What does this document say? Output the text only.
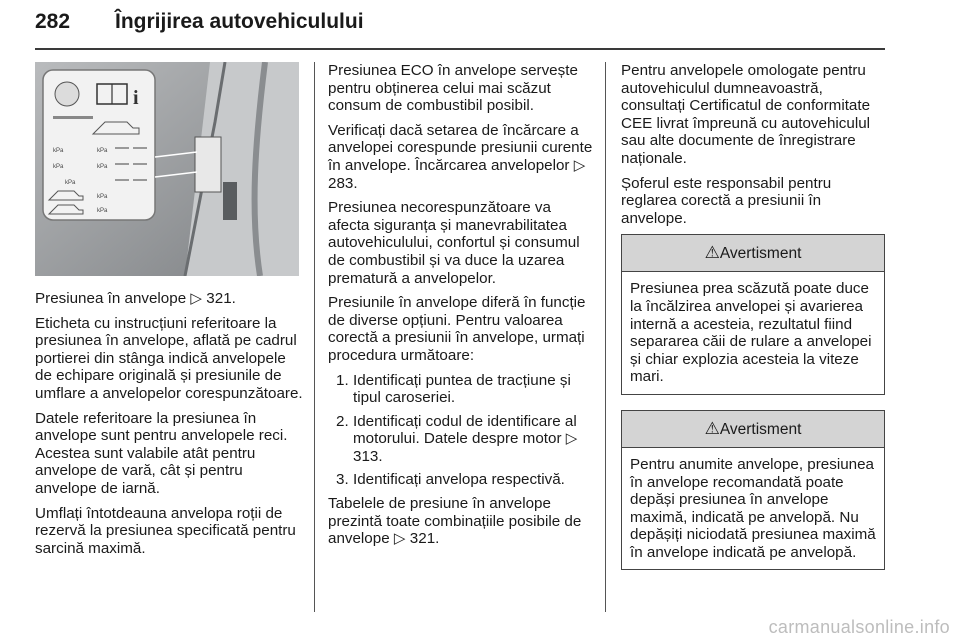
282 Îngrijirea autovehiculului
i
kPa	kPa
kPa	kPa
kPa
kPa
kPa

Presiunea în anvelope ▷ 321.

Eticheta cu instrucțiuni referitoare la presiunea în anvelope, aflată pe cadrul portierei din stânga indică anvelopele de echipare originală și presiunile de umflare a anvelopelor corespunzătoare.

Datele referitoare la presiunea în anvelope sunt pentru anvelopele reci. Acestea sunt valabile atât pentru anvelope de vară, cât și pentru anvelope de iarnă.

Umflați întotdeauna anvelopa roții de rezervă la presiunea specificată pentru sarcină maximă.

Presiunea ECO în anvelope servește pentru obținerea celui mai scăzut consum de combustibil posibil.

Verificați dacă setarea de încărcare a anvelopei corespunde presiunii curente în anvelope. Încărcarea anvelopelor ▷ 283.

Presiunea necorespunzătoare va afecta siguranța și manevrabilitatea autovehiculului, confortul și consumul de combustibil și va duce la uzarea prematură a anvelopelor.

Presiunile în anvelope diferă în funcție de diverse opțiuni. Pentru valoarea corectă a presiunii în anvelope, urmați procedura următoare:

1. Identificați puntea de tracțiune și tipul caroseriei.
2. Identificați codul de identificare al motorului. Datele despre motor ▷ 313.
3. Identificați anvelopa respectivă.

Tabelele de presiune în anvelope prezintă toate combinațiile posibile de anvelope ▷ 321.

Pentru anvelopele omologate pentru autovehiculul dumneavoastră, consultați Certificatul de conformitate CEE livrat împreună cu autovehiculul sau alte documente de înregistrare naționale.

Șoferul este responsabil pentru reglarea corectă a presiunii în anvelope.

⚠Avertisment
Presiunea prea scăzută poate duce la încălzirea anvelopei și avarierea internă a acesteia, rezultatul fiind separarea căii de rulare a anvelopei și chiar explozia acesteia la viteze mari.
⚠Avertisment
Pentru anumite anvelope, presiunea în anvelope recomandată poate depăși presiunea în anvelope maximă, indicată pe anvelopă. Nu depășiți niciodată presiunea maximă în anvelope indicată pe anvelopă.
carmanualsonline.info
